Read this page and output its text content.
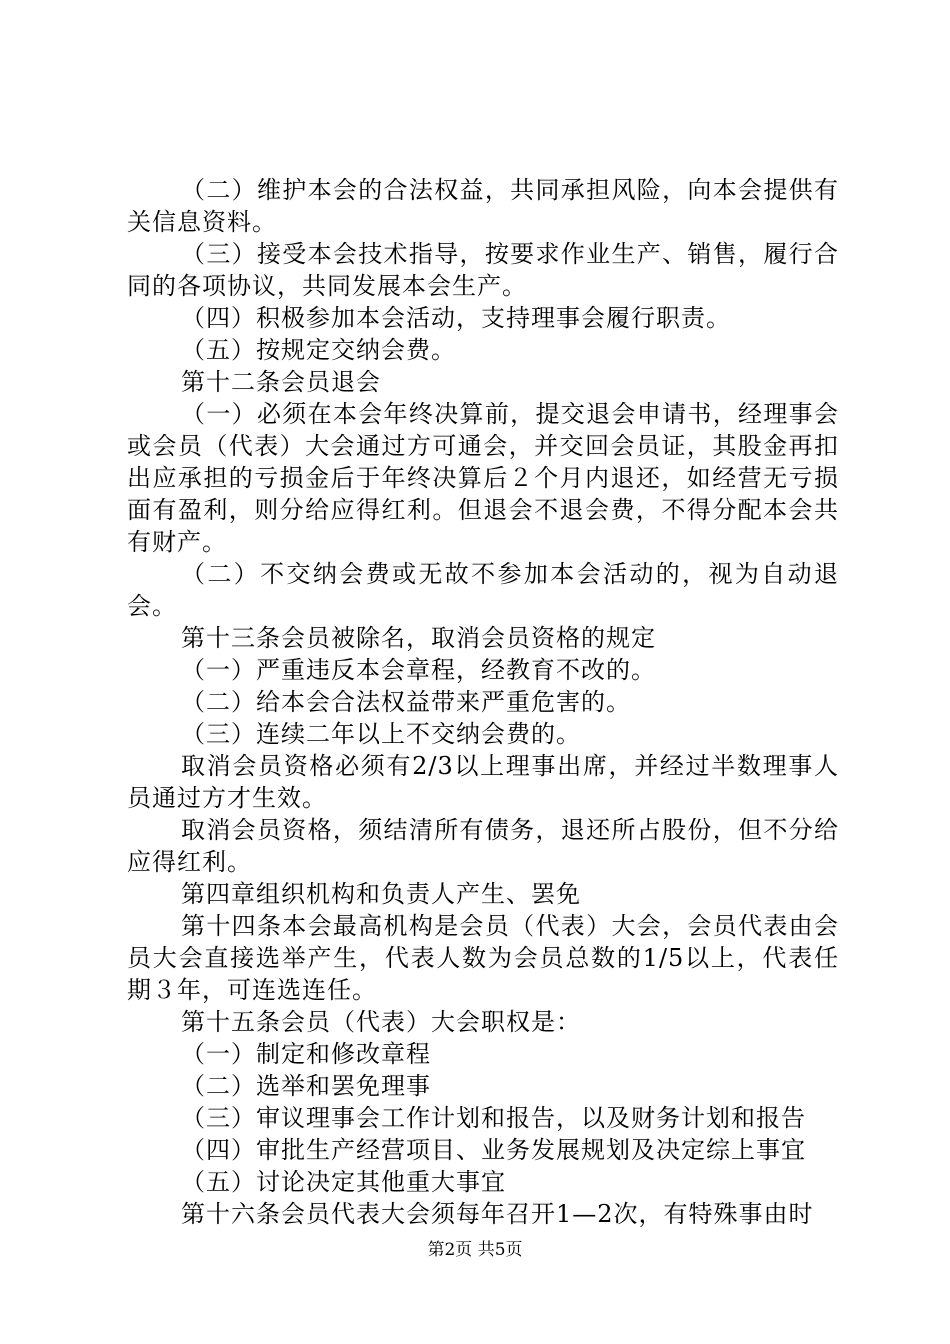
（二）维护本会的合法权益，共同承担风险，向本会提供有关信息资料。

（三）接受本会技术指导，按要求作业生产、销售，履行合同的各项协议，共同发展本会生产。

（四）积极参加本会活动，支持理事会履行职责。

（五）按规定交纳会费。

第十二条会员退会

（一）必须在本会年终决算前，提交退会申请书，经理事会或会员（代表）大会通过方可通会，并交回会员证，其股金再扣出应承担的亏损金后于年终决算后２个月内退还，如经营无亏损面有盈利，则分给应得红利。但退会不退会费，不得分配本会共有财产。

（二）不交纳会费或无故不参加本会活动的，视为自动退会。

第十三条会员被除名，取消会员资格的规定

（一）严重违反本会章程，经教育不改的。

（二）给本会合法权益带来严重危害的。

（三）连续二年以上不交纳会费的。

取消会员资格必须有2/3以上理事出席，并经过半数理事人员通过方才生效。

取消会员资格，须结清所有债务，退还所占股份，但不分给应得红利。

第四章组织机构和负责人产生、罢免

第十四条本会最高机构是会员（代表）大会，会员代表由会员大会直接选举产生，代表人数为会员总数的1/5以上，代表任期３年，可连选连任。

第十五条会员（代表）大会职权是：

（一）制定和修改章程

（二）选举和罢免理事

（三）审议理事会工作计划和报告，以及财务计划和报告

（四）审批生产经营项目、业务发展规划及决定综上事宜

（五）讨论决定其他重大事宜

第十六条会员代表大会须每年召开1—2次，有特殊事由时

第2页 共5页
